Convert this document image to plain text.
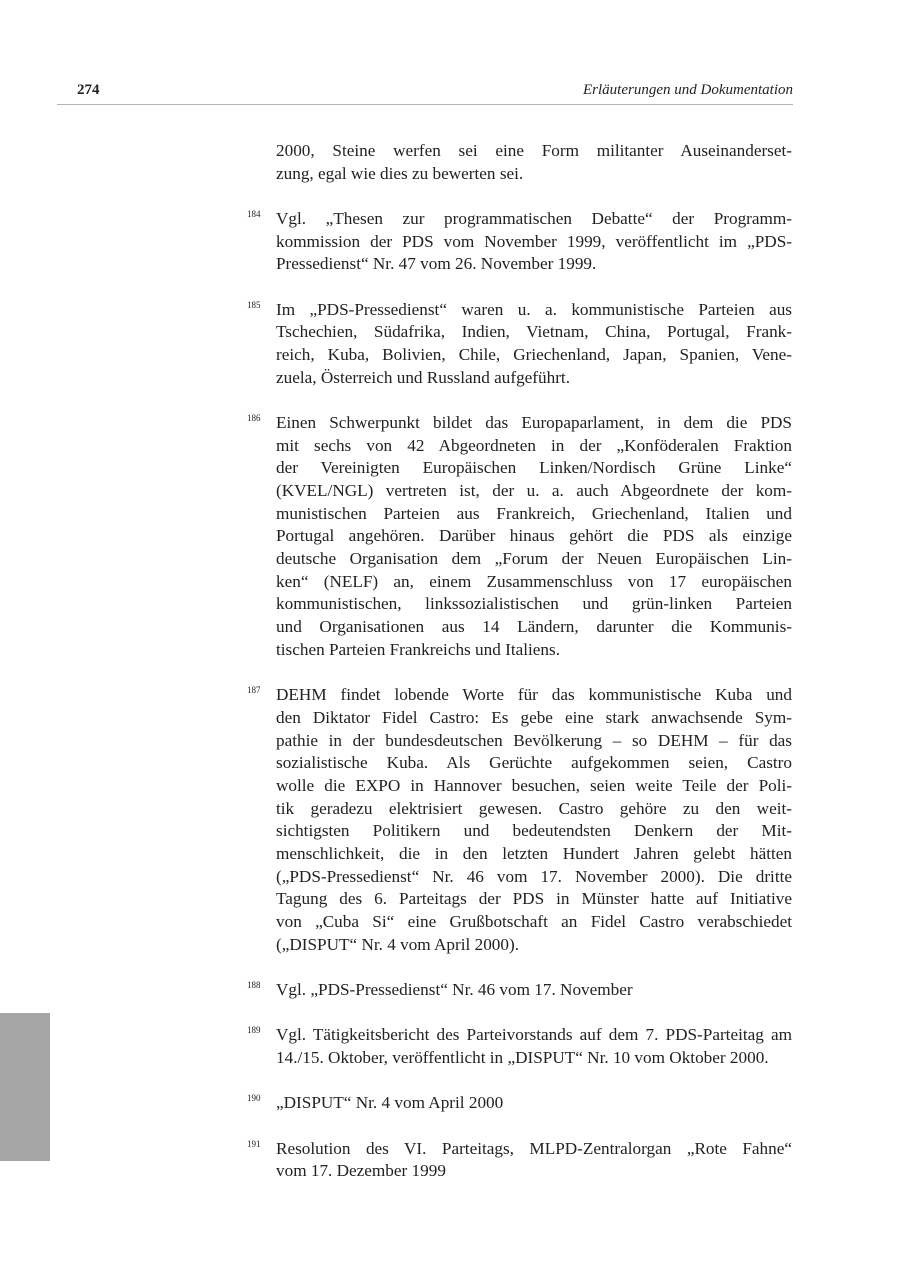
274	Erläuterungen und Dokumentation
2000, Steine werfen sei eine Form militanter Auseinanderset-
zung, egal wie dies zu bewerten sei.
184 Vgl. „Thesen zur programmatischen Debatte“ der Programm-
kommission der PDS vom November 1999, veröffentlicht im „PDS-
Pressedienst“ Nr. 47 vom 26. November 1999.
185 Im „PDS-Pressedienst“ waren u. a. kommunistische Parteien aus
Tschechien, Südafrika, Indien, Vietnam, China, Portugal, Frank-
reich, Kuba, Bolivien, Chile, Griechenland, Japan, Spanien, Vene-
zuela, Österreich und Russland aufgeführt.
186 Einen Schwerpunkt bildet das Europaparlament, in dem die PDS
mit sechs von 42 Abgeordneten in der „Konföderalen Fraktion
der Vereinigten Europäischen Linken/Nordisch Grüne Linke“
(KVEL/NGL) vertreten ist, der u. a. auch Abgeordnete der kom-
munistischen Parteien aus Frankreich, Griechenland, Italien und
Portugal angehören. Darüber hinaus gehört die PDS als einzige
deutsche Organisation dem „Forum der Neuen Europäischen Lin-
ken“ (NELF) an, einem Zusammenschluss von 17 europäischen
kommunistischen, linkssozialistischen und grün-linken Parteien
und Organisationen aus 14 Ländern, darunter die Kommunis-
tischen Parteien Frankreichs und Italiens.
187 DEHM findet lobende Worte für das kommunistische Kuba und
den Diktator Fidel Castro: Es gebe eine stark anwachsende Sym-
pathie in der bundesdeutschen Bevölkerung – so DEHM – für das
sozialistische Kuba. Als Gerüchte aufgekommen seien, Castro
wolle die EXPO in Hannover besuchen, seien weite Teile der Poli-
tik geradezu elektrisiert gewesen. Castro gehöre zu den weit-
sichtigsten Politikern und bedeutendsten Denkern der Mit-
menschlichkeit, die in den letzten Hundert Jahren gelebt hätten
(„PDS-Pressedienst“ Nr. 46 vom 17. November 2000). Die dritte
Tagung des 6. Parteitags der PDS in Münster hatte auf Initiative
von „Cuba Si“ eine Grußbotschaft an Fidel Castro verabschiedet
(„DISPUT“ Nr. 4 vom April 2000).
188 Vgl. „PDS-Pressedienst“ Nr. 46 vom 17. November
189 Vgl. Tätigkeitsbericht des Parteivorstands auf dem 7. PDS-Parteitag am
14./15. Oktober, veröffentlicht in „DISPUT“ Nr. 10 vom Oktober 2000.
190 „DISPUT“ Nr. 4 vom April 2000
191 Resolution des VI. Parteitags, MLPD-Zentralorgan „Rote Fahne“
vom 17. Dezember 1999
